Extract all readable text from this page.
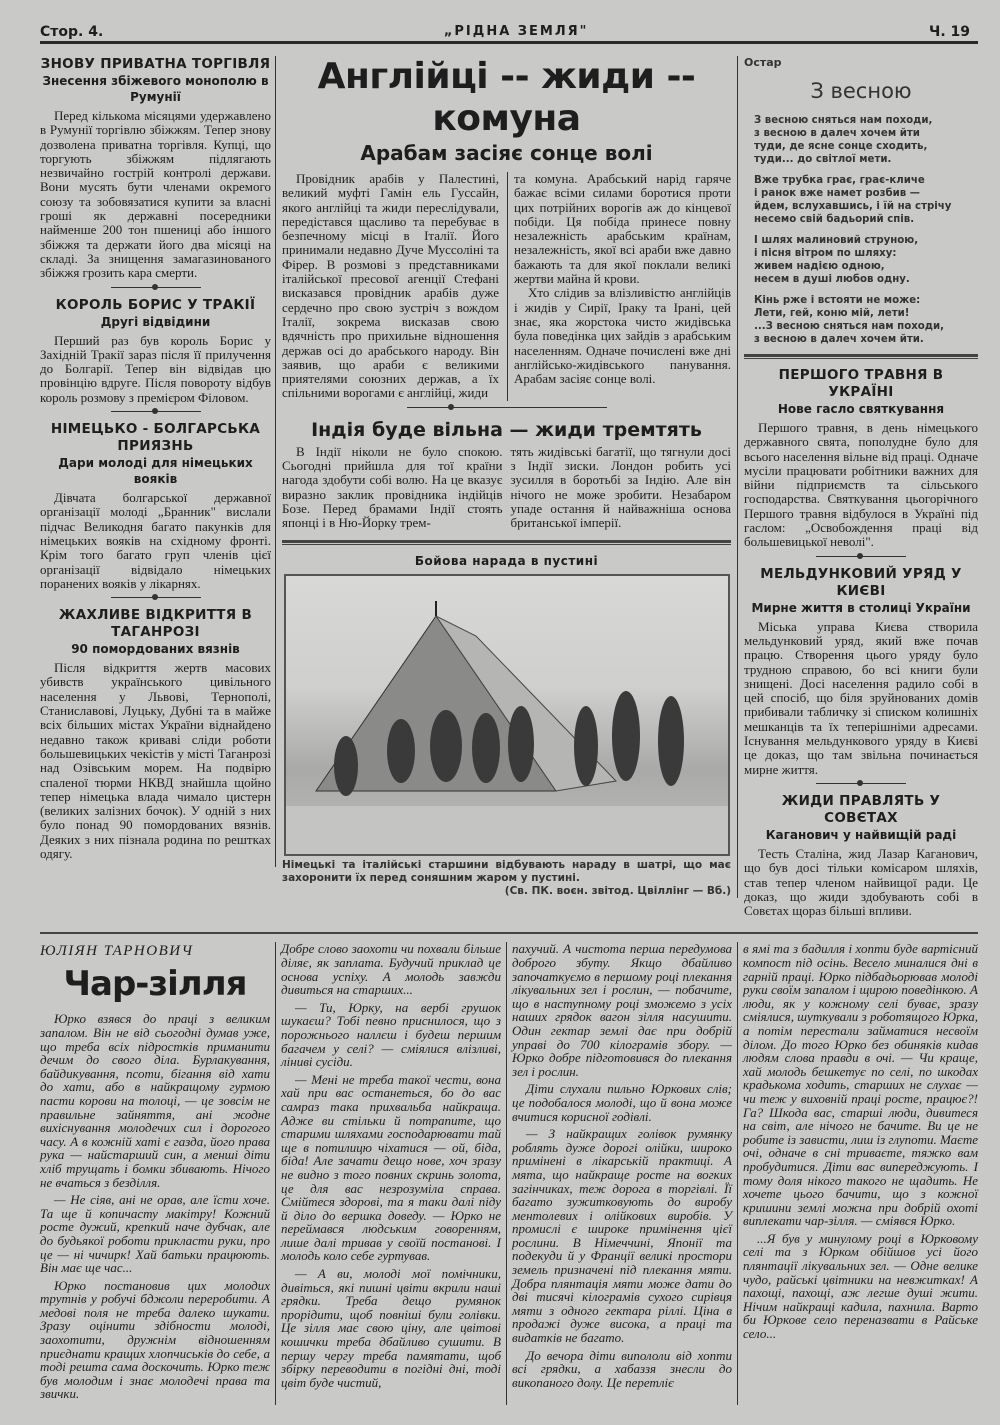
Стор. 4.	„РІДНА ЗЕМЛЯ"	Ч. 19
ЗНОВУ ПРИВАТНА ТОРГІВЛЯ
Знесення збіжевого монополю в Румунії

Перед кількома місяцями удержавлено в Румунії торгівлю збіжжям. Тепер знову дозволена приватна торгівля. Купці, що торгують збіжжям підлягають незвичайно гострій контролі держави. Вони мусять бути членами окремого союзу та зобовязатися купити за власні гроші як державні посередники найменше 200 тон пшениці або іншого збіжжя та держати його два місяці на складі. За знищення замагазинованого збіжжя грозить кара смерти.

КОРОЛЬ БОРИС У ТРАКІЇ
Другі відвідини

Перший раз був король Борис у Західній Тракії зараз після її прилучення до Болгарії. Тепер він відвідав цю провінцію вдруге. Після повороту відбув король розмову з премієром Філовом.

НІМЕЦЬКО - БОЛГАРСЬКА ПРИЯЗНЬ
Дари молоді для німецьких вояків

Дівчата болгарської державної організації молоді „Бранник" вислали підчас Великодня багато пакунків для німецьких вояків на східному фронті. Крім того багато груп членів цієї організації відвідало німецьких поранених вояків у лікарнях.

ЖАХЛИВЕ ВІДКРИТТЯ В ТАГАНРОЗІ
90 помордованих вязнів

Після відкриття жертв масових убивств українського цивільного населення у Львові, Тернополі, Станиславові, Луцьку, Дубні та в майже всіх більших містах України віднайдено недавно також криваві сліди роботи большевицьких чекістів у місті Таганрозі над Озівським морем. На подвірю спаленої тюрми НКВД знайшла щойно тепер німецька влада чимало цистерн (великих залізних бочок). У одній з них було понад 90 помордованих вязнів. Деяких з них пізнала родина по рештках одягу.

Англійці -- жиди -- комуна
Арабам засіяє сонце волі

Провідник арабів у Палестині, великий муфті Гамін ель Гуссайн, якого англійці та жиди переслідували, передістався щасливо та перебуває в безпечному місці в Італії. Його принимали недавно Дуче Муссоліні та Фірер. В розмові з представниками італійської пресової агенції Стефані висказався провідник арабів дуже сердечно про свою зустріч з вождом Італії, зокрема висказав свою вдячність про прихильне відношення держав осі до арабського народу. Він заявив, що араби є великими приятелями союзних держав, а їх спільними ворогами є англійці, жиди

та комуна. Арабський нарід гаряче бажає всіми силами боротися проти цих потрійних ворогів аж до кінцевої побіди. Ця побіда принесе повну незалежність арабським країнам, незалежність, якої всі араби вже давно бажають та для якої поклали великі жертви майна й крови.

Хто слідив за влізливістю англійців і жидів у Сирії, Іраку та Ірані, цей знає, яка жорстока чисто жидівська була поведінка цих зайдів з арабським населенням. Одначе почислені вже дні англійсько-жидівського панування. Арабам засіяє сонце волі.

Індія буде вільна — жиди тремтять

В Індії ніколи не було спокою. Сьогодні прийшла для тої країни нагода здобути собі волю. На це вказує виразно заклик провідника індійців Бозе. Перед брамами Індії стоять японці і в Ню-Йорку трем-

тять жидівські багатії, що тягнули досі з Індії зиски. Лондон робить усі зусилля в боротьбі за Індію. Але він нічого не може зробити. Незабаром упаде остання й найважніша основа британської імперії.

Бойова нарада в пустині

Німецькі та італійські старшини відбувають нараду в шатрі, що має захоронити їх перед соняшним жаром у пустині.

(Св. ПК. воєн. звітод. Цвіллінг — Вб.)
Остар
З весною
З весною сняться нам походи,
з весною в далеч хочем йти
туди, де ясне сонце сходить,
туди... до світлої мети.
Вже трубка грає, грає-кличе
і ранок вже намет розбив —
йдем, вслухавшись, і їй на стрічу
несемо свій бадьорий спів.
І шлях малиновий струною,
і пісня вітром по шляху:
живем надією одною,
несем в душі любов одну.
Кінь рже і встояти не може:
Лети, гей, коню мій, лети!
...З весною сняться нам походи,
з весною в далеч хочем йти.
ПЕРШОГО ТРАВНЯ В УКРАЇНІ
Нове гасло святкування

Першого травня, в день німецького державного свята, пополудне було для всього населення вільне від праці. Одначе мусіли працювати робітники важних для війни підприємств та сільського господарства. Святкування цьогорічного Першого травня відбулося в Україні під гаслом: „Освобождення праці від большевицької неволі".

МЕЛЬДУНКОВИЙ УРЯД У КИЄВІ
Мирне життя в столиці України

Міська управа Києва створила мельдунковий уряд, який вже почав працю. Створення цього уряду було трудною справою, бо всі книги були знищені. Досі населення радило собі в цей спосіб, що біля зруйнованих домів прибивали табличку зі списком колишніх мешканців та їх теперішніми адресами. Існування мельдункового уряду в Києві це доказ, що там звільна починається мирне життя.

ЖИДИ ПРАВЛЯТЬ У СОВЄТАХ
Каганович у найвищій раді

Тесть Сталіна, жид Лазар Каганович, що був досі тільки комісаром шляхів, став тепер членом найвищої ради. Це доказ, що жиди здобувають собі в Совєтах щораз більші впливи.

ЮЛІЯН ТАРНОВИЧ
Чар-зілля

Юрко взявся до праці з великим запалом. Він не від сьогодні думав уже, що треба всіх підростків приманити дечим до свого діла. Бурлакування, байдикування, псоти, бігання від хати до хати, або в найкращому гурмою пасти корови на толоці, — це зовсім не правильне зайняття, ані жодне вихіснування молодечих сил і дорогого часу. А в кожній хаті є газда, його права рука — найстарший син, а менші діти хліб трущать і бомки збивають. Нічого не вчаться з безділля.

— Не сіяв, ані не орав, але їсти хоче. Та ще й копичасту макітру! Кожний росте дужий, крепкий наче дубчак, але до будьякої роботи приклaсти руки, про це — ні чичирк! Хай батьки працюють. Він має ще час...

Юрко постановив цих молодих трутнів у робучі бджоли переробити. А медові поля не треба далеко шукати. Зразу оцінити здібности молоді, заохотити, дружнім відношенням приєднати кращих хлопчиськів до себе, а тоді решта сама доскочить. Юрко теж був молодим і знає молодечі права та звички.

Добре слово заохоти чи похвали більше діляє, як заплата. Будучий приклад це основа успіху. А молодь завжди дивиться на старших...

— Ти, Юрку, на вербі грушок шукаєш? Тобі певно приснилося, що з порожнього наллєш і будеш першим багачем у селі? — сміялися влізливі, ліниві сусіди.

— Мені не треба такої чести, вона хай при вас останеться, бо до вас самраз така прихвальба найкраща. Адже ви стільки й потрапите, що старими шляхами господарювати тай ще в потилицю чіхатися — ой, біда, біда! Але зачати дещо нове, хоч зразу не видно з того повних скринь золота, це для вас незрозуміла справа. Смійтеся здорові, та я таки далі піду й діло до вершка доведу. — Юрко не переймався людським говоренням, лише далі тривав у своїй постанові. І молодь коло себе гуртував.

— А ви, молоді мої помічники, дивіться, які пишні цвіти вкрили наші грядки. Треба дещо румянок прорідити, щоб повніші були голівки. Це зілля має свою ціну, але цвітові кошички треба дбайливо сушити. В першу чергу треба памятати, щоб збірку переводити в погідні дні, тоді цвіт буде чистий,

пахучий. А чистота перша передумова доброго збуту. Якщо дбайливо започаткуємо в першому році плекання лікувальних зел і рослин, — побачите, що в наступному році зможемо з усіх наших грядок вагон зілля насушити. Один гектар землі дає при добрій управі до 700 кілограмів збору. — Юрко добре підготовився до плекання зел і рослин.

Діти слухали пильно Юркових слів; це подобалося молоді, що й вона може вчитися корисної годівлі.

— З найкращих голівок румянку роблять дуже дорогі олійки, широко примінені в лікарській практиці. А мята, що найкраще росте на вогких загінчиках, теж дорога в торгівлі. Її багато зужитковують до виробу ментолевих і олійкових виробів. У промислі є широке примінення цієї рослини. В Німеччині, Японії та подекуди й у Франції великі простори земель призначені під плекання мяти. Добра плянтація мяти може дати до дві тисячі кілограмів сухого сирівця мяти з одного гектара ріллі. Ціна в продажі дуже висока, а праці та видатків не багато.

До вечора діти випололи від хопти всі грядки, а хабаззя знесли до викопаного долу. Це перетліє

в ямі та з бадилля і хопти буде вартісний компост під осінь. Весело миналися дні в гарній праці. Юрко підбадьорював молоді руки своїм запалом і щирою поведінкою. А люди, як у кожному селі буває, зразу сміялися, шуткували з роботящого Юрка, а потім перестали займатися несвоїм ділом. До того Юрко без обиняків кидав людям слова правди в очі. — Чи краще, хай молодь бешкетує по селі, по шкодах крадькома ходить, старших не слухає — чи теж у виховній праці росте, працює?! Га? Шкода вас, старші люди, дивитеся на світ, але нічого не бачите. Ви це не робите із зависти, лиш із глупоти. Маєте очі, одначе в сні триваєте, тяжко вам пробудитися. Діти вас випереджують. І тому доля нікого такого не щадить. Не хочете цього бачити, що з кожної кришини землі можна при добрій охоті виплекати чар-зілля. — сміявся Юрко.

...Я був у минулому році в Юрковому селі та з Юрком обійшов усі його плянтації лікувальних зел. — Одне велике чудо, райські цвітники на невжитках! А пахощі, пахощі, аж легше душі жити. Нічим найкращі кадила, пахнила. Варто би Юркове село переназвати в Райське село...
